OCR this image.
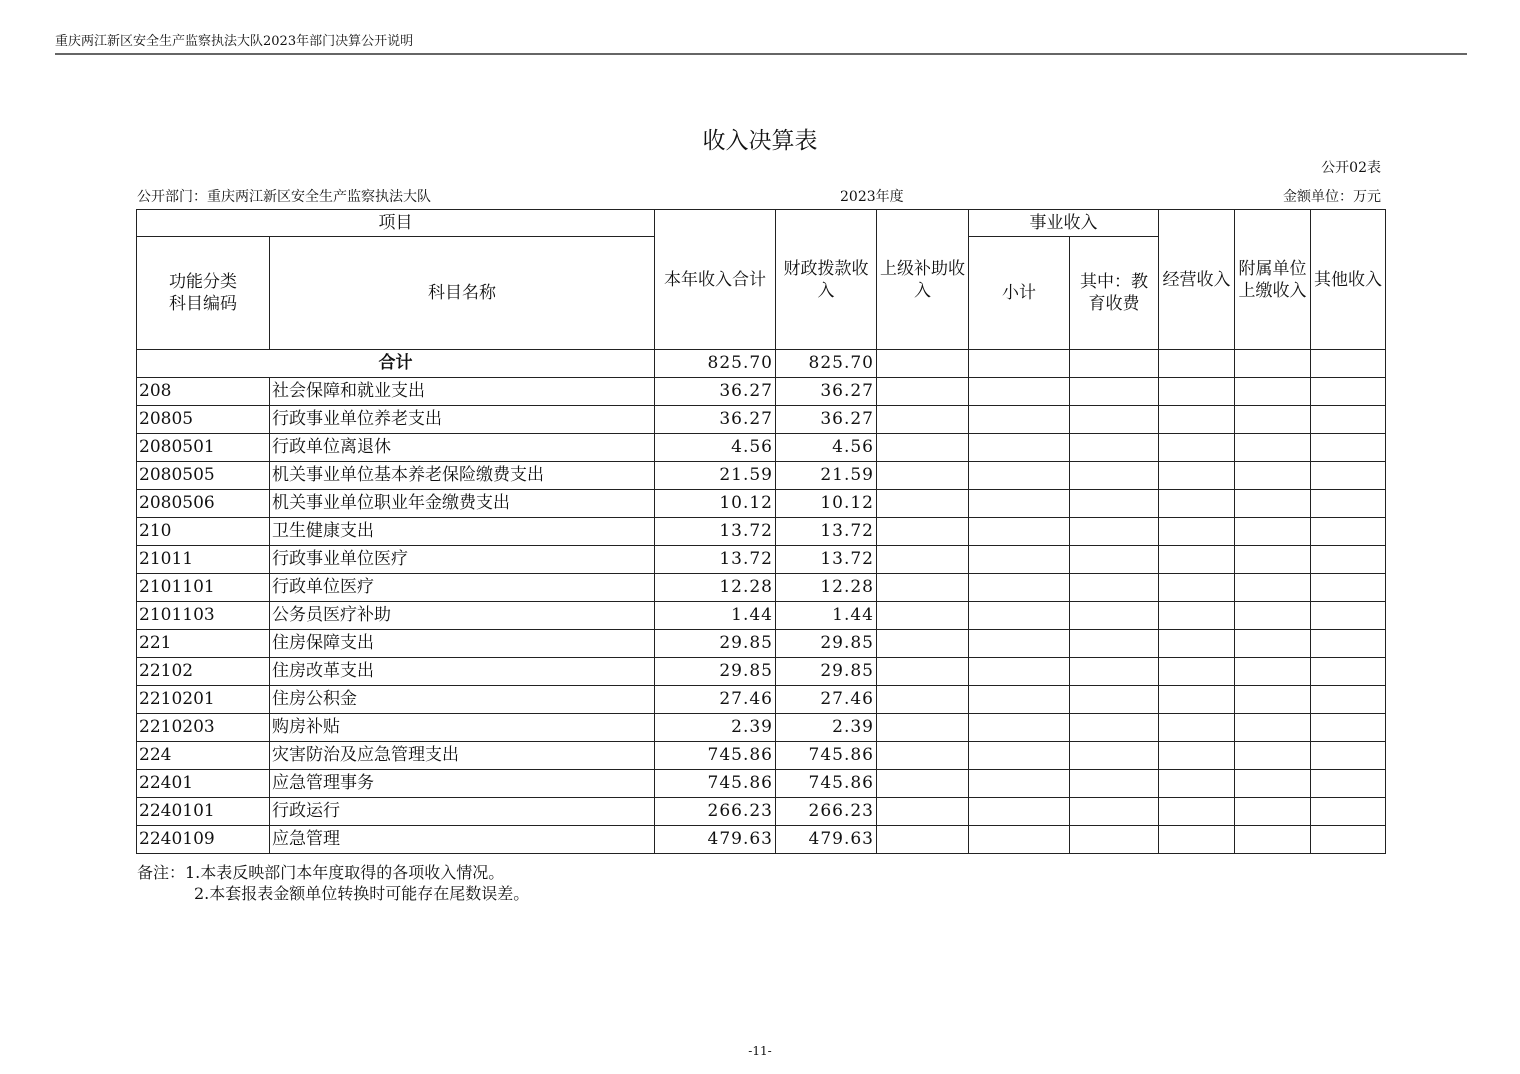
重庆两江新区安全生产监察执法大队2023年部门决算公开说明
收入决算表
公开02表
公开部门：重庆两江新区安全生产监察执法大队	2023年度	金额单位：万元
项目		本年收入合计	财政拨款收入	上级补助收入	事业收入		经营收入	附属单位上缴收入	其他收入
功能分类科目编码	科目名称				小计	其中：教育收费			
合计		825.70	825.70						
208	社会保障和就业支出	36.27	36.27						
20805	行政事业单位养老支出	36.27	36.27						
2080501	行政单位离退休	4.56	4.56						
2080505	机关事业单位基本养老保险缴费支出	21.59	21.59						
2080506	机关事业单位职业年金缴费支出	10.12	10.12						
210	卫生健康支出	13.72	13.72						
21011	行政事业单位医疗	13.72	13.72						
2101101	行政单位医疗	12.28	12.28						
2101103	公务员医疗补助	1.44	1.44						
221	住房保障支出	29.85	29.85						
22102	住房改革支出	29.85	29.85						
2210201	住房公积金	27.46	27.46						
2210203	购房补贴	2.39	2.39						
224	灾害防治及应急管理支出	745.86	745.86						
22401	应急管理事务	745.86	745.86						
2240101	行政运行	266.23	266.23						
2240109	应急管理	479.63	479.63						
备注：1.本表反映部门本年度取得的各项收入情况。
2.本套报表金额单位转换时可能存在尾数误差。
-11-
